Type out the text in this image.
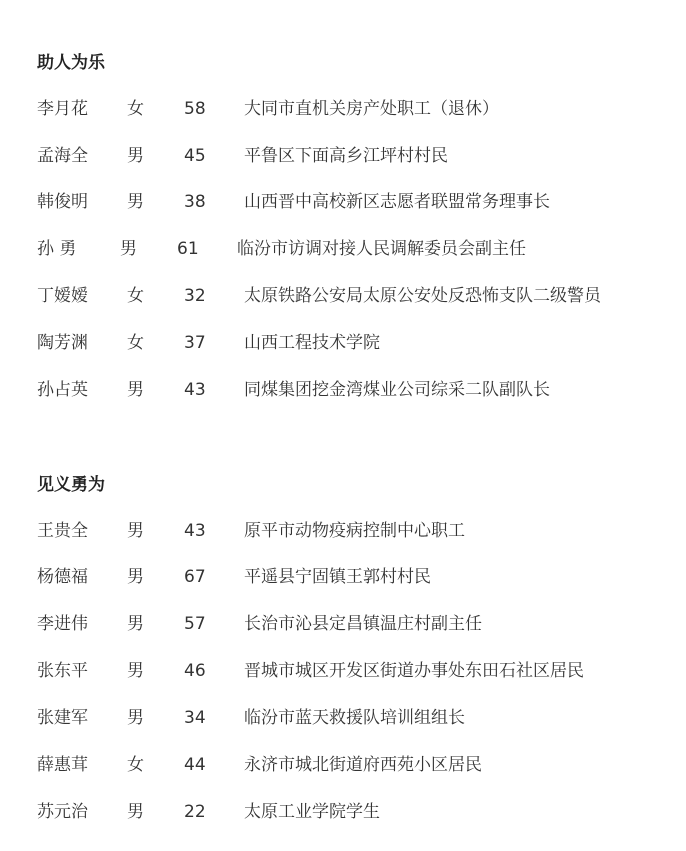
助人为乐
李月花 女 58 大同市直机关房产处职工（退休）
孟海全 男 45 平鲁区下面高乡江坪村村民
韩俊明 男 38 山西晋中高校新区志愿者联盟常务理事长
孙 勇	男 61 临汾市访调对接人民调解委员会副主任
丁嫒嫒 女 32 太原铁路公安局太原公安处反恐怖支队二级警员
陶芳渊 女 37 山西工程技术学院
孙占英 男 43 同煤集团挖金湾煤业公司综采二队副队长
见义勇为
王贵全 男 43 原平市动物疫病控制中心职工
杨德福 男 67 平遥县宁固镇王郭村村民
李进伟 男 57 长治市沁县定昌镇温庄村副主任
张东平 男 46 晋城市城区开发区街道办事处东田石社区居民
张建军 男 34 临汾市蓝天救援队培训组组长
薛惠茸 女 44 永济市城北街道府西苑小区居民
苏元治 男 22 太原工业学院学生
